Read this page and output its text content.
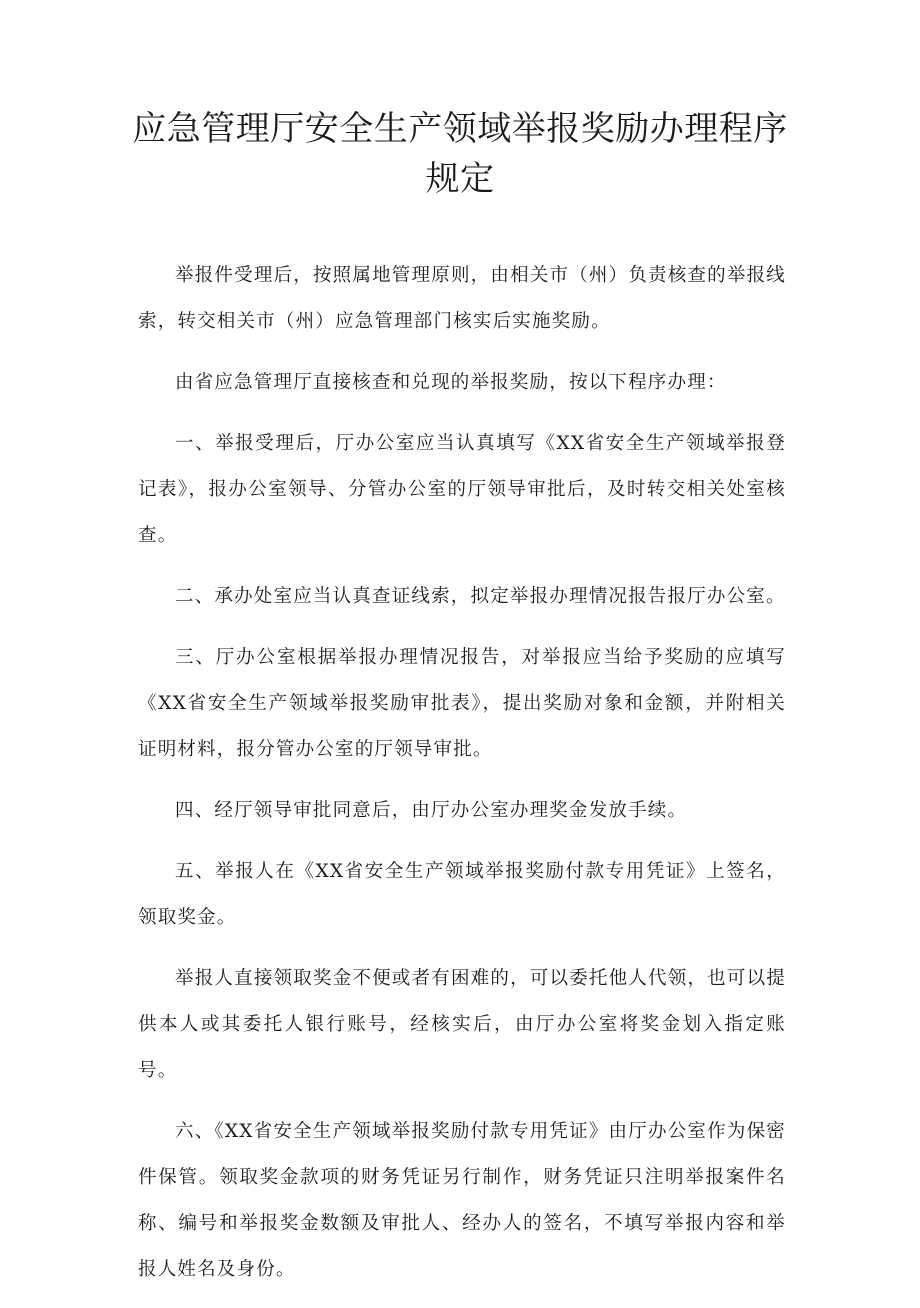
应急管理厅安全生产领域举报奖励办理程序规定

举报件受理后，按照属地管理原则，由相关市（州）负责核查的举报线索，转交相关市（州）应急管理部门核实后实施奖励。

由省应急管理厅直接核查和兑现的举报奖励，按以下程序办理：

一、举报受理后，厅办公室应当认真填写《XX省安全生产领域举报登记表》，报办公室领导、分管办公室的厅领导审批后，及时转交相关处室核查。

二、承办处室应当认真查证线索，拟定举报办理情况报告报厅办公室。

三、厅办公室根据举报办理情况报告，对举报应当给予奖励的应填写《XX省安全生产领域举报奖励审批表》，提出奖励对象和金额，并附相关证明材料，报分管办公室的厅领导审批。

四、经厅领导审批同意后，由厅办公室办理奖金发放手续。

五、举报人在《XX省安全生产领域举报奖励付款专用凭证》上签名，领取奖金。

举报人直接领取奖金不便或者有困难的，可以委托他人代领，也可以提供本人或其委托人银行账号，经核实后，由厅办公室将奖金划入指定账号。

六、《XX省安全生产领域举报奖励付款专用凭证》由厅办公室作为保密件保管。领取奖金款项的财务凭证另行制作，财务凭证只注明举报案件名称、编号和举报奖金数额及审批人、经办人的签名，不填写举报内容和举报人姓名及身份。
